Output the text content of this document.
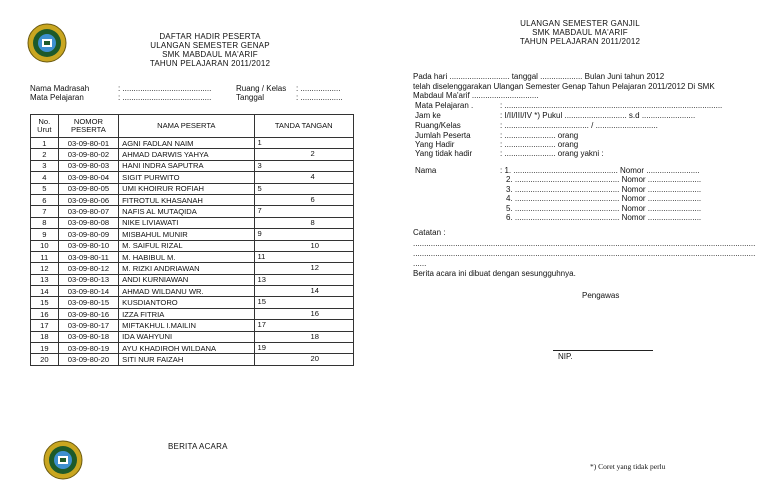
DAFTAR HADIR PESERTA
ULANGAN SEMESTER GENAP
SMK MABDAUL MA'ARIF
TAHUN PELAJARAN 2011/2012
Nama Madrasah	: ........................................	Ruang / Kelas : ..................
Mata Pelajaran	: ........................................	Tanggal	: ...................
No. Urut	NOMOR PESERTA	NAMA PESERTA	TANDA TANGAN
1	03-09-80-01	AGNI FADLAN NAIM	1

2	03-09-80-02	AHMAD DARWIS YAHYA	2

3	03-09-80-03	HANI INDRA SAPUTRA	3

4	03-09-80-04	SIGIT PURWITO	4

5	03-09-80-05	UMI KHOIRUR ROFIAH	5

6	03-09-80-06	FITROTUL KHASANAH	6

7	03-09-80-07	NAFIS AL MUTAQIDA	7

8	03-09-80-08	NIKE LIVIAWATI	8

9	03-09-80-09	MISBAHUL MUNIR	9

10	03-09-80-10	M. SAIFUL RIZAL	10

11	03-09-80-11	M. HABIBUL M.	11

12	03-09-80-12	M. RIZKI ANDRIAWAN	12

13	03-09-80-13	ANDI KURNIAWAN	13

14	03-09-80-14	AHMAD WILDANU WR.	14

15	03-09-80-15	KUSDIANTORO	15

16	03-09-80-16	IZZA FITRIA	16

17	03-09-80-17	MIFTAKHUL I.MAILIN	17

18	03-09-80-18	IDA WAHYUNI	18

19	03-09-80-19	AYU KHADIROH WILDANA	19

20	03-09-80-20	SITI NUR FAIZAH	20
BERITA ACARA
ULANGAN SEMESTER GANJIL
SMK MABDAUL MA'ARIF
TAHUN PELAJARAN 2011/2012
Pada hari ........................... tanggal ................... Bulan Juni tahun 2012
telah diselenggarakan Ulangan Semester Genap Tahun Pelajaran 2011/2012 Di SMK
Mabdaul Ma'arif ..............................
Mata Pelajaran .	: ..................................................................................................
Jam ke	: I/II/III/IV *) Pukul ............................ s.d ........................
Ruang/Kelas	: ...................................... / ............................
Jumlah Peserta	: ....................... orang
Yang Hadir	: ....................... orang
Yang tidak hadir	: ....................... orang yakni :
Nama	: 1. ............................................... Nomor ........................
2. ............................................... Nomor ........................
3. ............................................... Nomor ........................
4. ............................................... Nomor ........................
5. ............................................... Nomor ........................
6. ............................................... Nomor ........................
Catatan :
..........................................................................................................................................................
..........................................................................................................................................................
......
Berita acara ini dibuat dengan sesungguhnya.
Pengawas
NIP.
*) Coret yang tidak perlu
